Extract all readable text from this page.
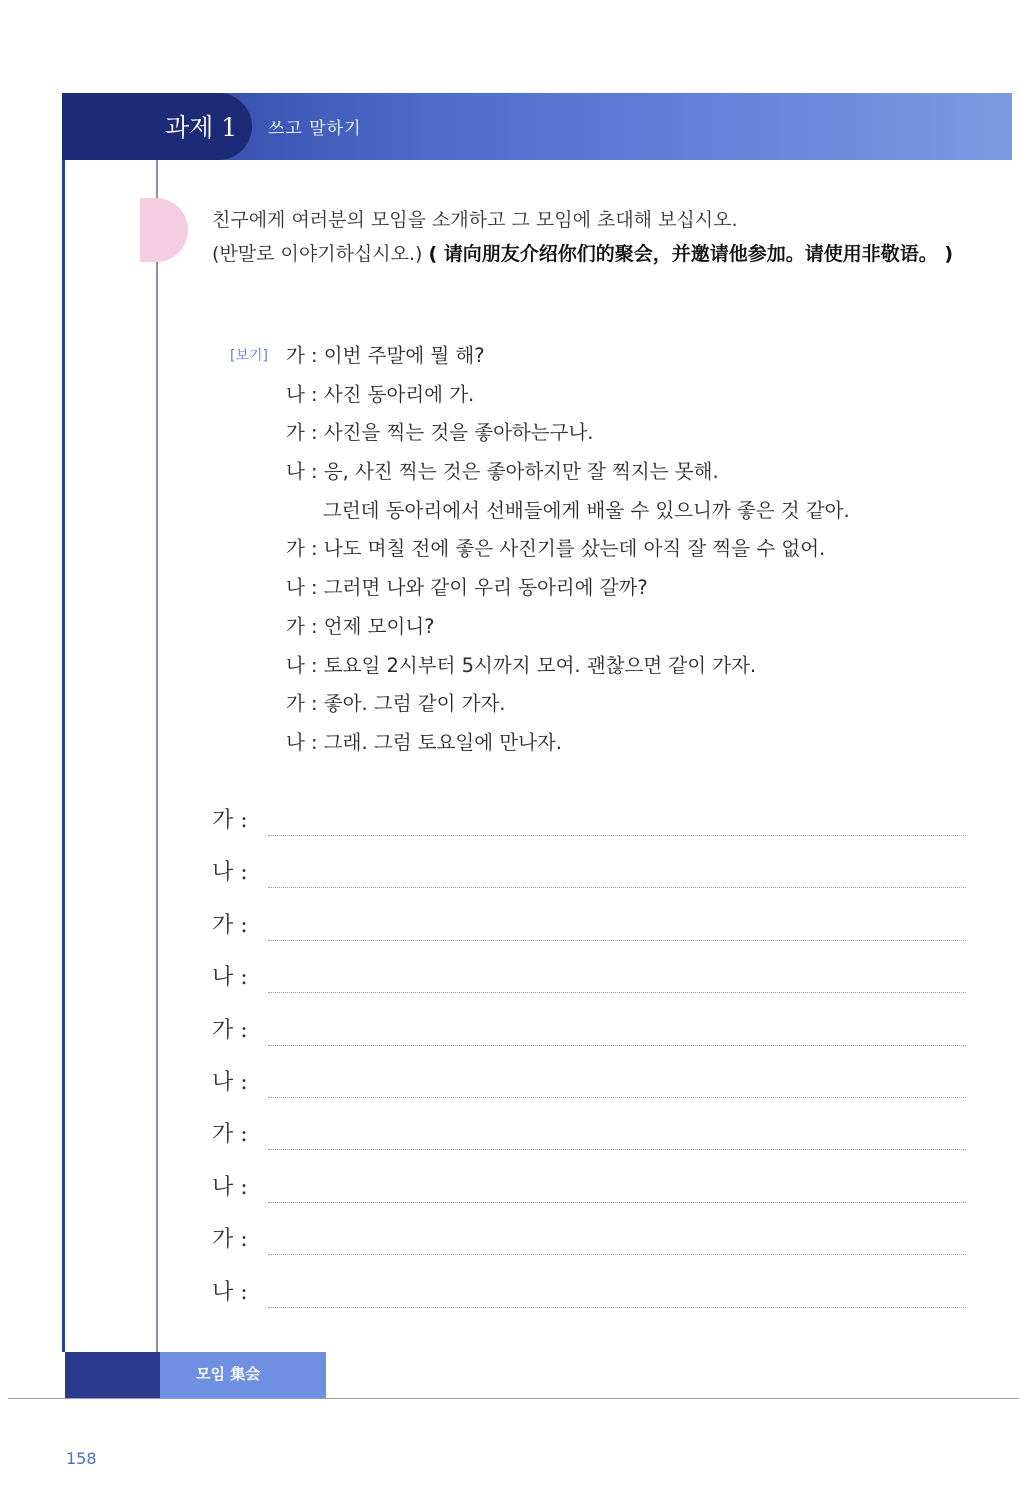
과제 1 쓰고 말하기
친구에게 여러분의 모임을 소개하고 그 모임에 초대해 보십시오.
(반말로 이야기하십시오.) ( 请向朋友介绍你们的聚会，并邀请他参加。请使用非敬语。 )
[보기] 가 : 이번 주말에 뭘 해?
나 : 사진 동아리에 가.
가 : 사진을 찍는 것을 좋아하는구나.
나 : 응, 사진 찍는 것은 좋아하지만 잘 찍지는 못해.
그런데 동아리에서 선배들에게 배울 수 있으니까 좋은 것 같아.
가 : 나도 며칠 전에 좋은 사진기를 샀는데 아직 잘 찍을 수 없어.
나 : 그러면 나와 같이 우리 동아리에 갈까?
가 : 언제 모이니?
나 : 토요일 2시부터 5시까지 모여. 괜찮으면 같이 가자.
가 : 좋아. 그럼 같이 가자.
나 : 그래. 그럼 토요일에 만나자.
가 :
나 :
가 :
나 :
가 :
나 :
가 :
나 :
가 :
나 :
모임 集会
158
